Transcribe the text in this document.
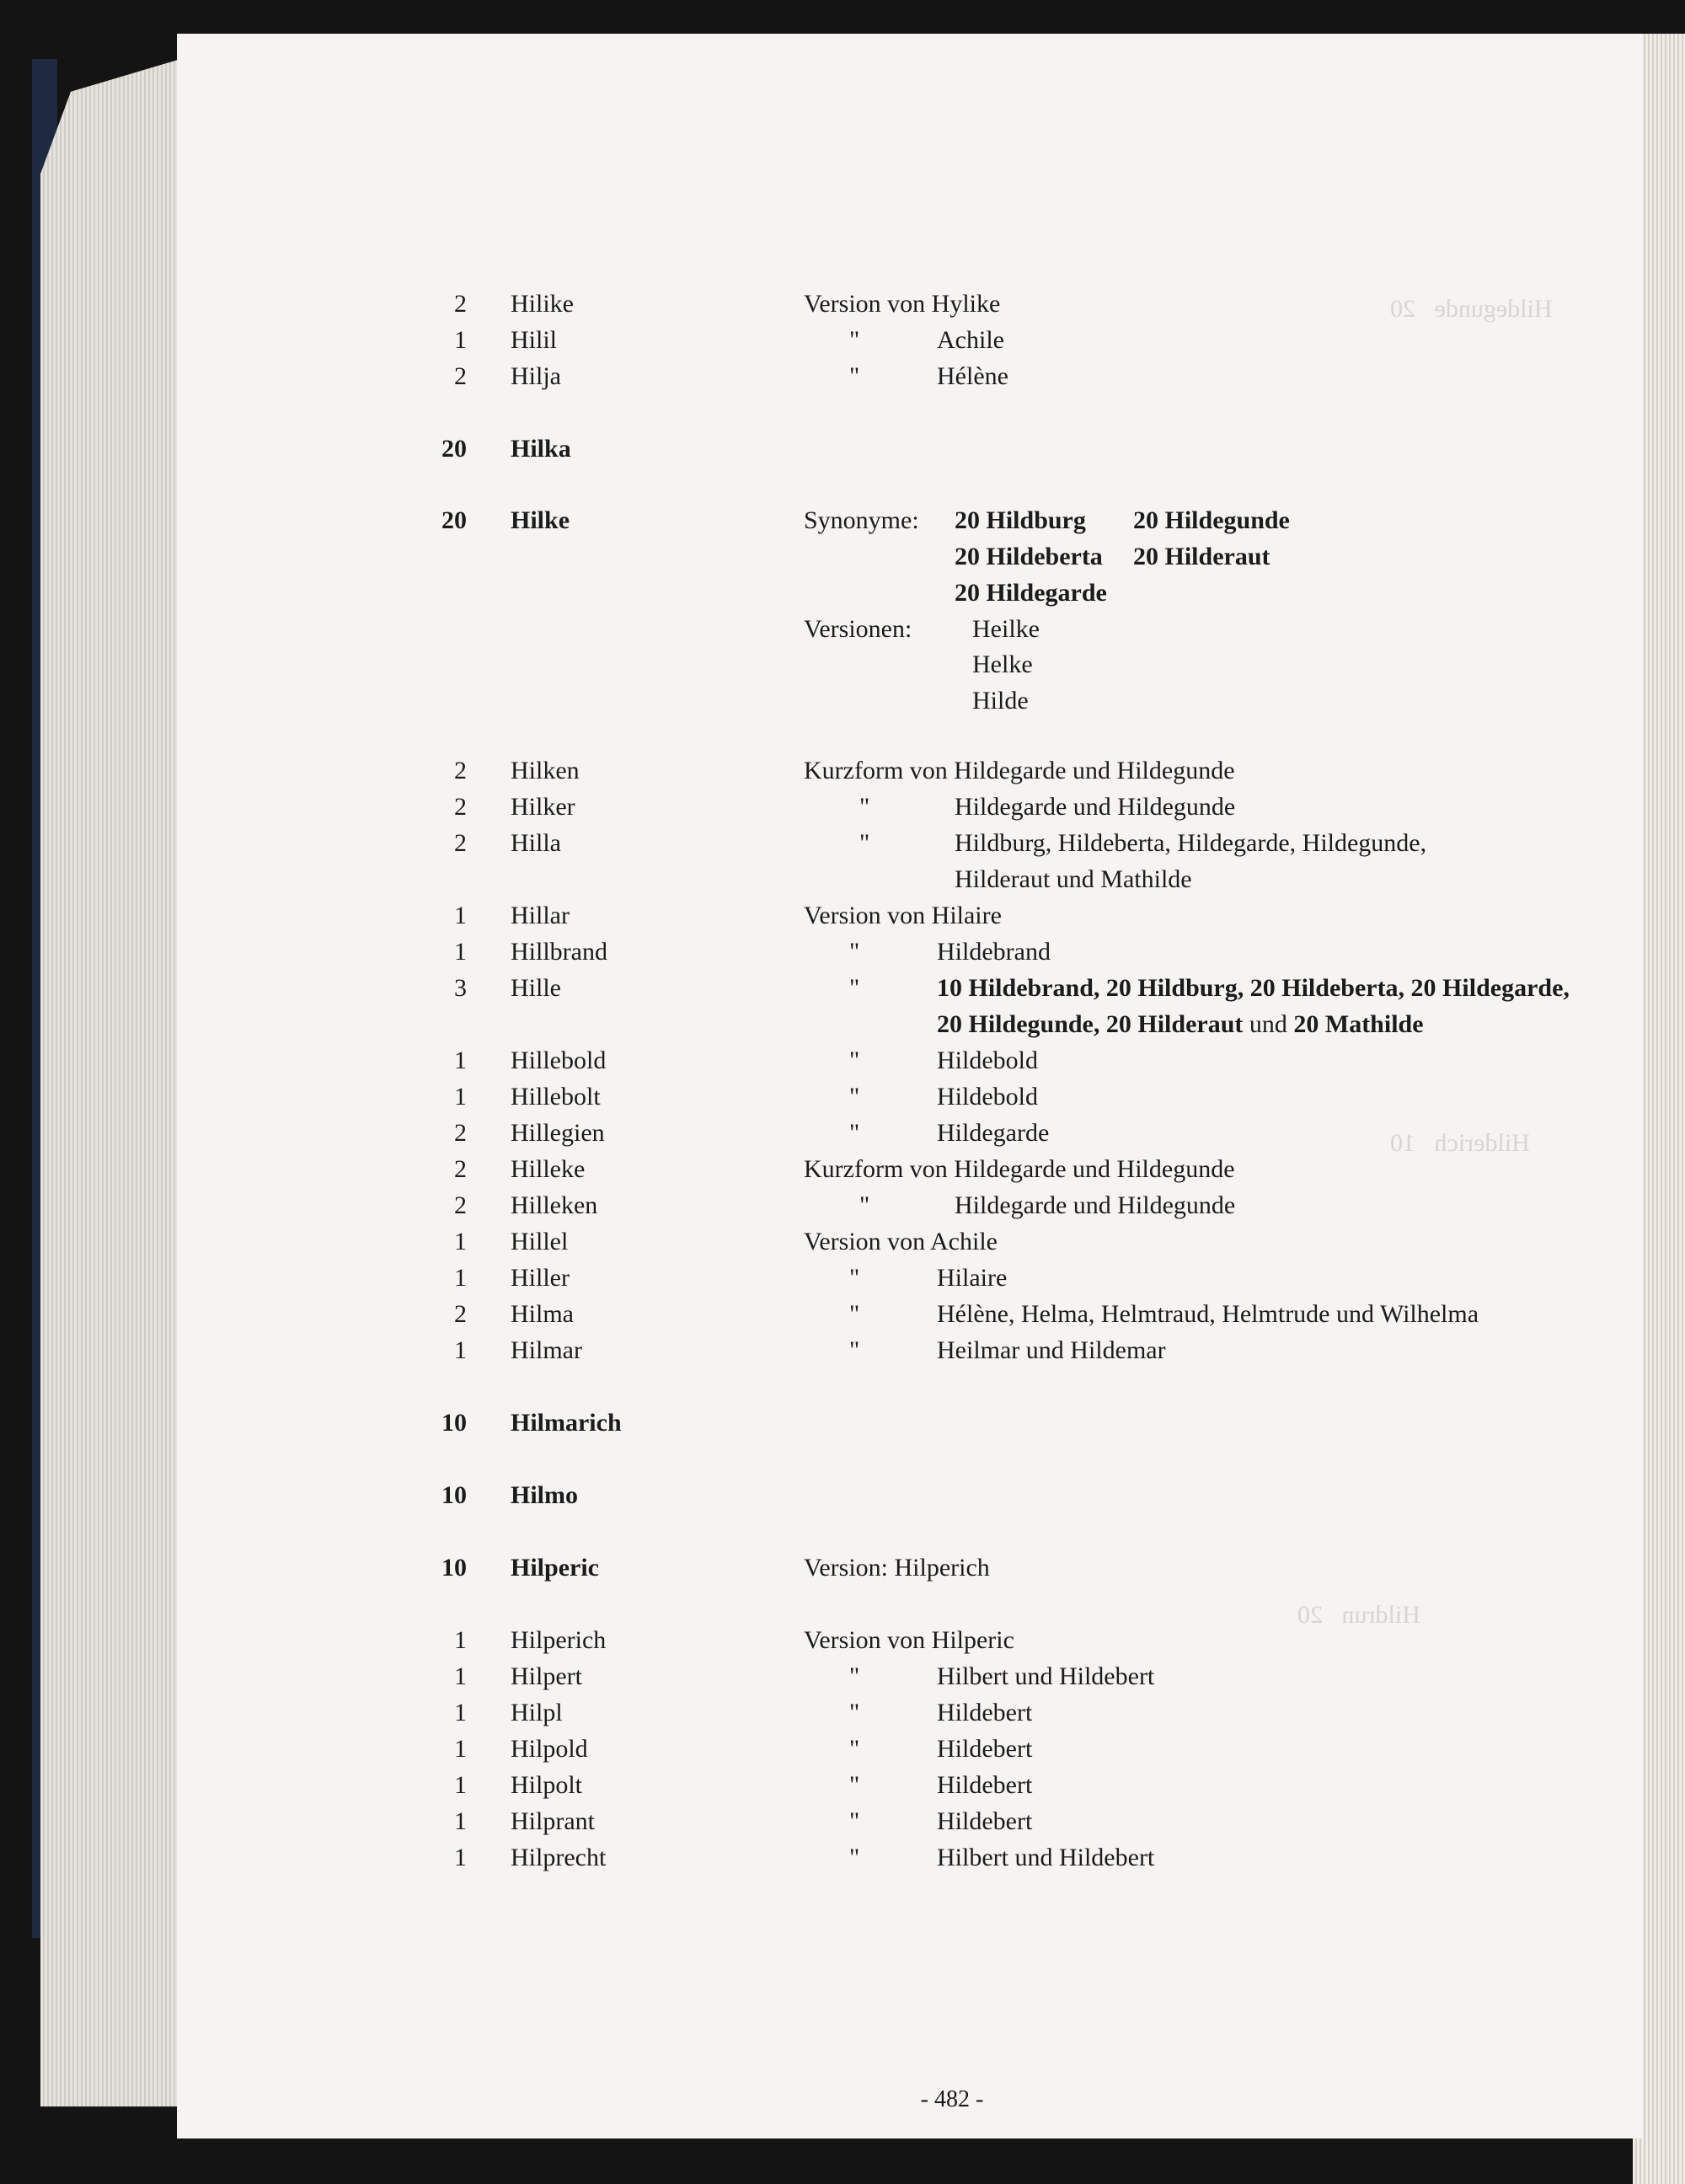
Hildegunde   20
Hilderich   10
Hildrun   20
2 Hilike	Version von Hylike
1 Hilil	"	Achile
2 Hilja	"	Hélène
20 Hilka
20 Hilke	Synonyme: 20 Hildburg 20 Hildegunde
20 Hildeberta 20 Hilderaut
20 Hildegarde
Versionen: Heilke
Helke
Hilde
2 Hilken	Kurzform von Hildegarde und Hildegunde
2 Hilker	"	Hildegarde und Hildegunde
2 Hilla	"	Hildburg, Hildeberta, Hildegarde, Hildegunde,
Hilderaut und Mathilde
1 Hillar	Version von Hilaire
1 Hillbrand	"	Hildebrand
3 Hille	"	10 Hildebrand, 20 Hildburg, 20 Hildeberta, 20 Hildegarde,
20 Hildegunde, 20 Hilderaut und 20 Mathilde
1 Hillebold	"	Hildebold
1 Hillebolt	"	Hildebold
2 Hillegien	"	Hildegarde
2 Hilleke	Kurzform von Hildegarde und Hildegunde
2 Hilleken	"	Hildegarde und Hildegunde
1 Hillel	Version von Achile
1 Hiller	"	Hilaire
2 Hilma	"	Hélène, Helma, Helmtraud, Helmtrude und Wilhelma
1 Hilmar	"	Heilmar und Hildemar
10 Hilmarich
10 Hilmo
10 Hilperic	Version: Hilperich
1 Hilperich	Version von Hilperic
1 Hilpert	"	Hilbert und Hildebert
1 Hilpl	"	Hildebert
1 Hilpold	"	Hildebert
1 Hilpolt	"	Hildebert
1 Hilprant	"	Hildebert
1 Hilprecht	"	Hilbert und Hildebert
- 482 -
